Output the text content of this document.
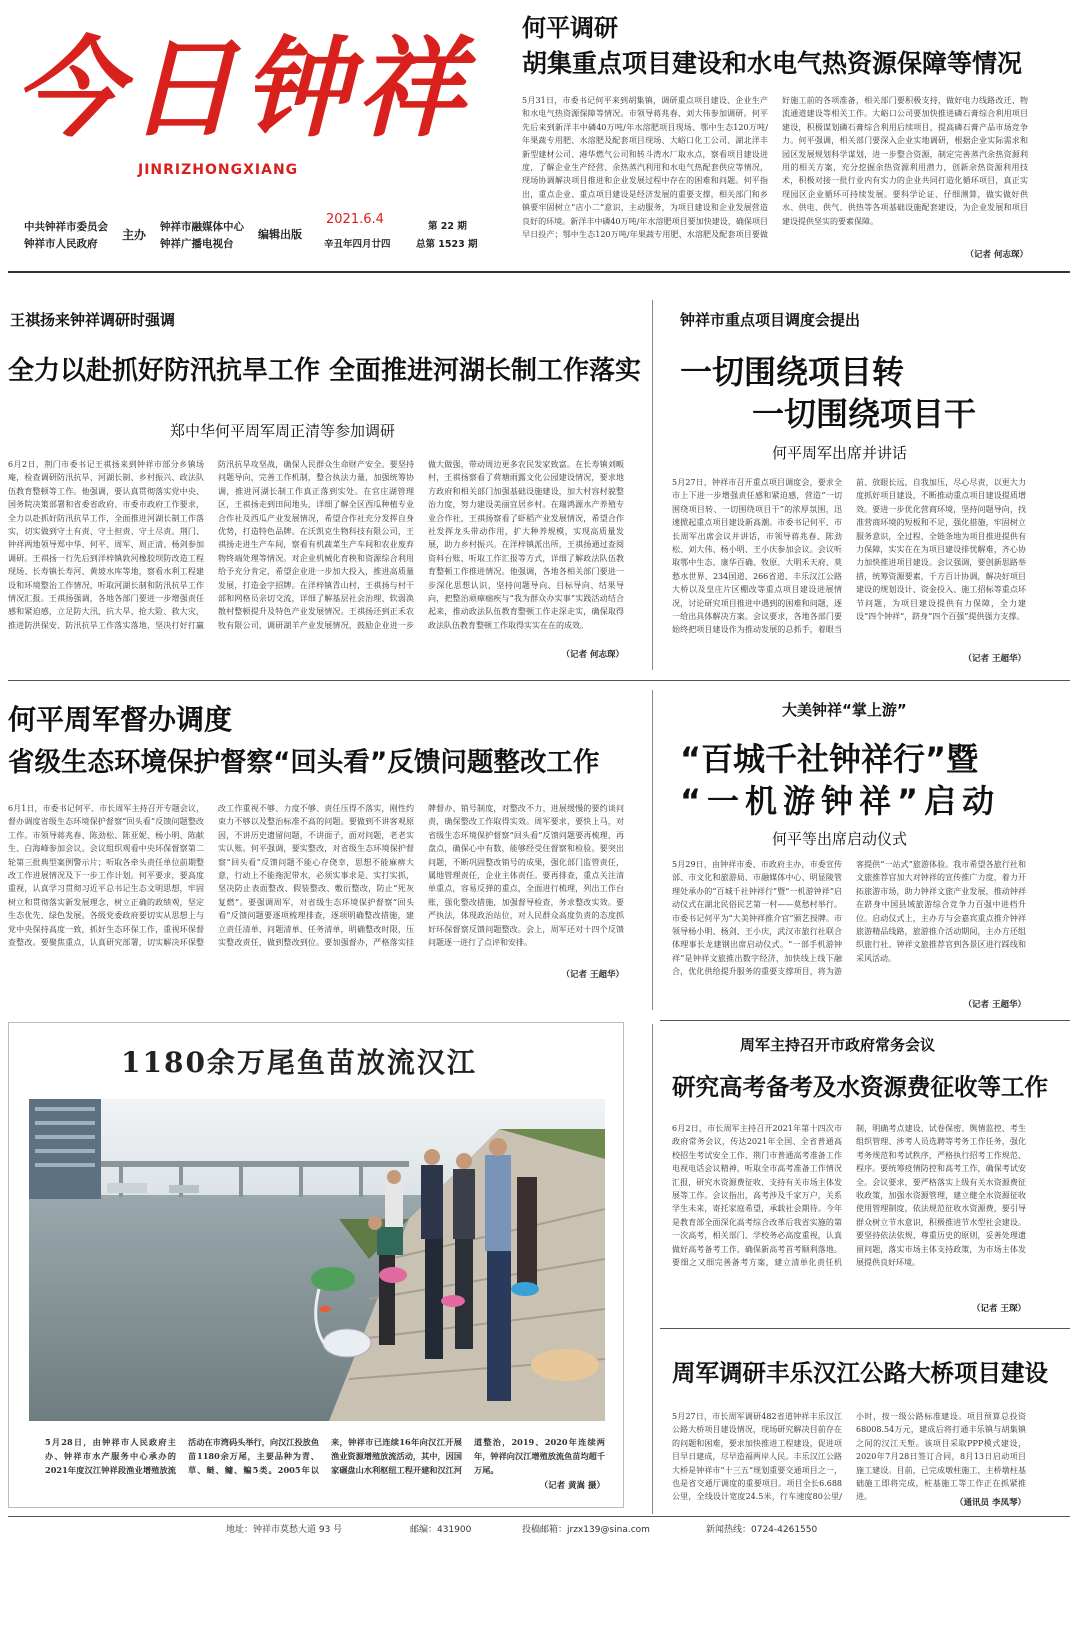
今日钟祥
JINRIZHONGXIANG
中共钟祥市委员会
钟祥市人民政府
主办
钟祥市融媒体中心
钟祥广播电视台
编辑出版
2021.6.4
辛丑年四月廿四
第 22 期
总第 1523 期
何平调研
胡集重点项目建设和水电气热资源保障等情况
5月31日，市委书记何平来到胡集镇，调研重点项目建设、企业生产和水电气热资源保障等情况。市领导蒋兆春、刘大伟参加调研。何平先后来到新洋丰中磷40万吨/年水溶肥项目现场、鄂中生态120万吨/年果蔬专用肥、水溶肥及配套项目现场、大峪口化工公司、湖北洋丰新型建材公司、港华燃气公司和转斗湾水厂取水点，察看项目建设进度，了解企业生产经营、余热蒸汽利用和水电气热配套供应等情况，现场协调解决项目推进和企业发展过程中存在的困难和问题。何平指出，重点企业、重点项目建设是经济发展的重要支撑，相关部门和乡镇要牢固树立“店小二”意识，主动服务，为项目建设和企业发展营造良好的环境。新洋丰中磷40万吨/年水溶肥项目要加快建设，确保项目早日投产；鄂中生态120万吨/年果蔬专用肥、水溶肥及配套项目要做好施工前的各项准备，相关部门要积极支持，做好电力线路改迁、物流通道建设等相关工作。大峪口公司要加快推进磷石膏综合利用项目建设，积极谋划磷石膏综合利用后续项目，提高磷石膏产品市场竞争力。何平强调，相关部门要深入企业实地调研，根据企业实际需求和园区发展规划科学谋划，进一步整合资源，制定完善蒸汽余热资源利用的相关方案，充分挖掘余热资源利用潜力，创新余热资源利用技术，积极对接一批行业内有实力的企业共同打造化循环项目，真正实现园区企业循环可持续发展。要科学论证、仔细测算，做实做好供水、供电、供气、供热等各项基础设施配套建设，为企业发展和项目建设提供坚实的要素保障。
（记者 何志琛）
王祺扬来钟祥调研时强调
全力以赴抓好防汛抗旱工作 全面推进河湖长制工作落实
郑中华何平周军周正清等参加调研
6月2日，荆门市委书记王祺扬来到钟祥市部分乡镇场庵，检查调研防汛抗旱、河湖长制、乡村振兴、政法队伍教育整顿等工作。他强调，要认真贯彻落实党中央、国务院决策部署和省委省政府、市委市政府工作要求，全力以赴抓好防汛抗旱工作，全面推进河湖长制工作落实，切实做到守土有责、守土担责、守土尽责。荆门、钟祥两地领导郑中华、何平、周军、周正清、杨剑参加调研。王祺扬一行先后到洋梓镇敦河橡胶坝防改造工程现场、长寿镇长寿河、黄坡水库等地，察看水利工程建设和环境整治工作情况，听取河湖长制和防汛抗旱工作情况汇报。王祺扬强调，各地各部门要进一步增强责任感和紧迫感，立足防大汛、抗大旱、抢大险、救大灾，推进防洪保安、防汛抗旱工作落实落地，坚决打好打赢防汛抗旱攻坚战，确保人民群众生命财产安全。要坚持问题导向，完善工作机制，整合执法力量，加强统筹协调，推进河湖长制工作真正落到实处。在官庄湖管理区，王祺扬走到田间地头，详细了解全区西瓜种植专业合作社及西瓜产业发展情况，希望合作社充分发挥自身优势，打造特色品牌。在沃凯克生物科技有限公司，王祺扬走进生产车间，察看有机蔬菜生产车间和农业废弃物终端处理等情况。对企业机械化育秧和资源综合利用给予充分肯定，希望企业进一步加大投入，推进高质量发展，打造金字招牌。在洋梓镇青山村，王祺扬与村干部和网格员亲切交流，详细了解基层社会治理、软弱涣散村整顿提升及特色产业发展情况。王祺扬还到正禾农牧有限公司，调研湖羊产业发展情况，鼓励企业进一步做大做强，带动周边更多农民发家致富。在长寿镇刘畈村，王祺扬察看了荷塘雨露文化公园建设情况，要求地方政府和相关部门加强基础设施建设，加大村容村貌整治力度，努力建设美丽宜居乡村。在瑞鸿源水产养殖专业合作社，王祺扬察看了虾稻产业发展情况，希望合作社发挥龙头带动作用，扩大种养规模，实现高质量发展，助力乡村振兴。在洋梓镇派出所，王祺扬通过查阅资料台账、听取工作汇报等方式，详细了解政法队伍教育整顿工作推进情况。他强调，各地各相关部门要进一步深化思想认识，坚持问题导向、目标导向、结果导向，把整治顽瘴痼疾与“我为群众办实事”实践活动结合起来，推动政法队伍教育整顿工作走深走实，确保取得政法队伍教育整顿工作取得实实在在的成效。
（记者 何志琛）
钟祥市重点项目调度会提出
一切围绕项目转
一切围绕项目干
何平周军出席并讲话
5月27日，钟祥市召开重点项目调度会，要求全市上下进一步增强责任感和紧迫感，营造“一切围绕项目转、一切围绕项目干”的浓厚氛围，迅速掀起重点项目建设新高潮。市委书记何平、市长周军出席会议并讲话，市领导蒋兆春、陈劲松、刘大伟、杨小明、王小庆参加会议。会议听取鄂中生态、康华百确、牧原、大明禾天府、莫愁水世界、234国道、266省道、丰乐汉江公路大桥以及皇庄片区棚改等重点项目建设进展情况，讨论研究项目推进中遇到的困难和问题，逐一给出具体解决方案。会议要求，各地各部门要始终把项目建设作为推动发展的总抓手，着眼当前、放眼长远，自我加压，尽心尽责，以更大力度抓好项目建设，不断推动重点项目建设提质增效。要进一步优化营商环境，坚持问题导向，找准营商环境的短板和不足，强化措施，牢固树立服务意识，全过程、全链条地为项目推进提供有力保障，实实在在为项目建设排忧解难，齐心协力加快推进项目建设。会议强调，要创新思路举措，统筹资源要素，千方百计协调，解决好项目建设的规划设计、资金投入、施工招标等重点环节问题，为项目建设提供有力保障，全力建设“四个钟祥”，跻身“四个百强”提供强力支撑。
（记者 王超华）
何平周军督办调度
省级生态环境保护督察“回头看”反馈问题整改工作
6月1日，市委书记何平、市长周军主持召开专题会议，督办调度省级生态环境保护督察“回头看”反馈问题整改工作。市领导蒋兆春、陈劲松、陈亚妮、杨小明、陈献生、白海峰参加会议。会议组织观看中央环保督察第二轮第三批典型案例警示片；听取各牵头责任单位前期整改工作进展情况及下一步工作计划。何平要求，要高度重视，认真学习贯彻习近平总书记生态文明思想，牢固树立和贯彻落实新发展理念，树立正确的政绩观，坚定生态优先、绿色发展。各级党委政府要切实从思想上与党中央保持高度一致，抓好生态环保工作，重视环保督查整改。要聚焦重点，认真研究部署，切实解决环保整改工作重视不够、力度不够、责任压得不落实，刚性约束力不够以及整治标准不高的问题。要做到不讲客观原因，不讲历史遗留问题，不讲面子，面对问题，老老实实认账。何平强调，要实整改，对省级生态环境保护督察“回头看”反馈问题不能心存侥幸，思想不能麻痹大意，行动上不能拖泥带水，必须实事求是、实打实抓，坚决防止表面整改、假装整改、敷衍整改，防止“死灰复燃”。要强调周军，对省级生态环境保护督察“回头看”反馈问题要逐项梳理排查，逐项明确整改措施，建立责任清单、问题清单、任务清单，明确整改时限，压实整改责任，做到整改到位。要加强督办，严格落实挂牌督办、销号制度，对整改不力、进展缓慢的要约谈问责，确保整改工作取得实效。周军要求，要快上马，对省级生态环境保护督察“回头看”反馈问题要再梳理、再盘点，确保心中有数，能够经受住督察和检验。要突出问题，不断巩固整改销号的成果，强化部门监管责任，属地管理责任，企业主体责任。要再排查，重点关注清单重点，容易反弹的重点，全面进行梳理，列出工作台账，强化整改措施，加强督导检查，务求整改实效。要严执法，体现政治站位，对人民群众高度负责的态度抓好环保督察反馈问题整改。会上，周军还对十四个反馈问题逐一进行了点评和安排。
（记者 王超华）
大美钟祥“掌上游”
“百城千社钟祥行”暨
“一机游钟祥”启动
何平等出席启动仪式
5月29日，由钟祥市委、市政府主办，市委宣传部、市文化和旅游局、市融媒体中心、明显陵管理处承办的“百城千社钟祥行”暨“一机游钟祥”启动仪式在湖北民俗民艺第一村——莫愁村举行。市委书记何平为“大美钟祥推介官”颁艺授牌。市领导杨小明、杨剑、王小庆，武汉市旅行社联合体理事长龙建钢出席启动仪式。“一部手机游钟祥”是钟祥文旅推出数字经济，加快线上线下融合，优化供给提升服务的重要支撑项目，将为游客提供“一站式”旅游体验。我市希望各旅行社和文旅推荐官加大对钟祥的宣传推广力度，着力开拓旅游市场，助力钟祥文旅产业发展，推动钟祥在跻身中国县域旅游综合竞争力百强中进档升位。启动仪式上，主办方与会嘉宾重点推介钟祥旅游精品线路，旅游推介活动期间，主办方还组织旅行社、钟祥文旅推荐官到各景区进行踩线和采风活动。
（记者 王超华）
1180余万尾鱼苗放流汉江
5月28日，由钟祥市人民政府主办、钟祥市水产服务中心承办的2021年度汉江钟祥段渔业增殖放流活动在市湾码头举行，向汉江投放鱼苗1180余万尾，主要品种为青、草、鲢、鳙、鳊5类。2005年以来，钟祥市已连续16年向汉江开展渔业资源增殖放流活动，其中，因国家碾盘山水利枢纽工程开建和汉江河道整治，2019、2020年连续两年，钟祥向汉江增殖放流鱼苗均超千万尾。
（记者 黄嵩 摄）
周军主持召开市政府常务会议
研究高考备考及水资源费征收等工作
6月2日，市长周军主持召开2021年第十四次市政府常务会议，传达2021年全国、全省普通高校招生考试安全工作、荆门市普通高考准备工作电视电话会议精神，听取全市高考准备工作情况汇报，研究水资源费征收、支持有关市场主体发展等工作。会议指出，高考涉及千家万户，关系学生未来，寄托家庭希望，承载社会期待。今年是教育部全面深化高考综合改革后我省实施的第一次高考，相关部门、学校务必高度重视，认真做好高考备考工作，确保新高考首考顺利落地。要细之又细完善备考方案，建立清单化责任机制，明确考点建设、试卷保密、舆情监控、考生组织管理、涉考人员选聘等考务工作任务，强化考务规范和考试秩序，严格执行招考工作规范、程序。要统筹疫情防控和高考工作，确保考试安全。会议要求，要严格落实上级有关水资源费征收政策，加强水资源管理，建立健全水资源征收使用管理制度，依法规范征收水资源费，要引导群众树立节水意识，积极推进节水型社会建设。要坚持依法依规、尊重历史的原则，妥善处理遗留问题，落实市场主体支持政策，为市场主体发展提供良好环境。
（记者 王琛）
周军调研丰乐汉江公路大桥项目建设
5月27日，市长周军调研482省道钟祥丰乐汉江公路大桥项目建设情况，现场研究解决目前存在的问题和困难，要求加快推进工程建设，促进项目早日建成，尽早造福两岸人民。丰乐汉江公路大桥是钟祥市“十三五”规划重要交通项目之一，也是省交通厅调度的重要项目。项目全长6.688公里，全线设计宽度24.5米，行车速度80公里/小时，按一级公路标准建设。项目预算总投资68008.54万元，建成后将打通丰乐镇与胡集镇之间的汉江天堑。该项目采取PPP模式建设，2020年7月28日签订合同，8月13日启动项目施工建设。目前，已完成墩柱施工，主桥墩柱基础施工即将完成，桩基施工等工作正在抓紧推进。
（通讯员 李凤琴）
地址：钟祥市莫愁大道 93 号	邮编：431900	投稿邮箱：jrzx139@sina.com	新闻热线：0724-4261550
